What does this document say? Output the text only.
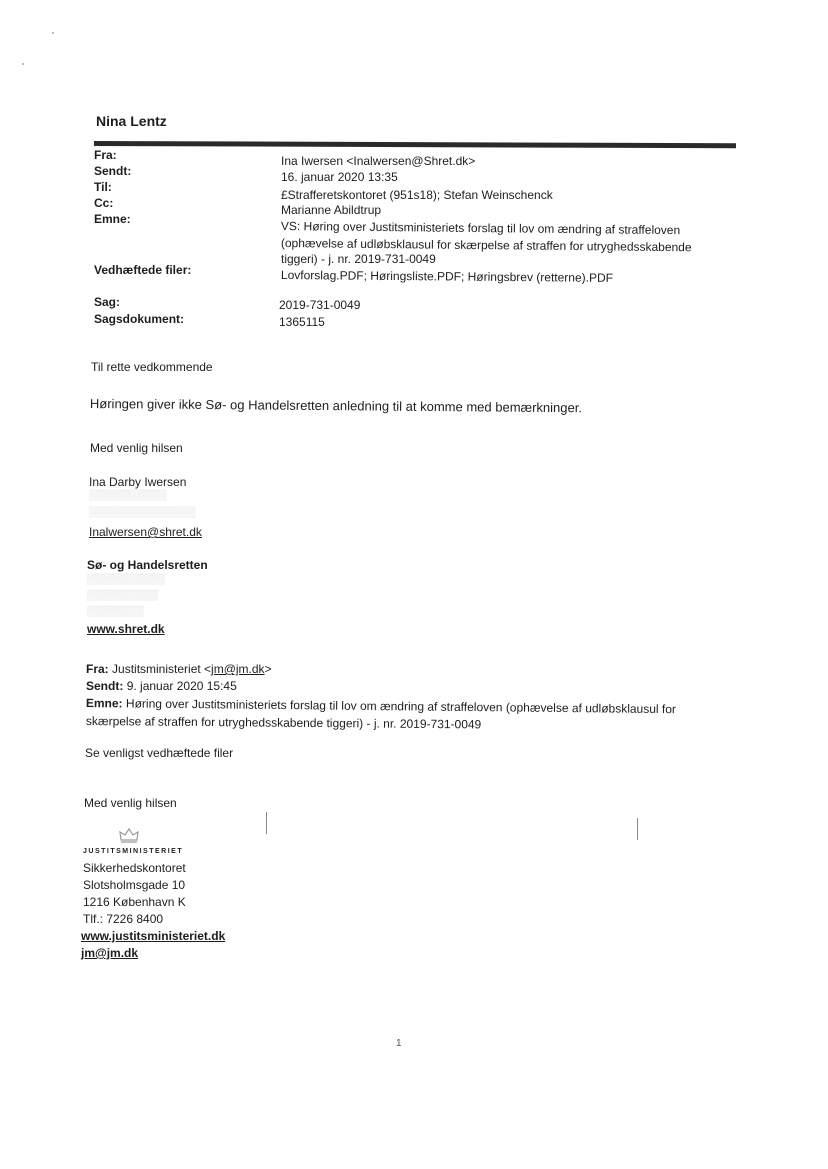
Nina Lentz
Fra:
Sendt:
Til:
Cc:
Emne:
Vedhæftede filer:
Sag:
Sagsdokument:
Ina Iwersen <Inalwersen@Shret.dk>
16. januar 2020 13:35
£Strafferetskontoret (951s18); Stefan Weinschenck
Marianne Abildtrup
VS: Høring over Justitsministeriets forslag til lov om ændring af straffeloven
(ophævelse af udløbsklausul for skærpelse af straffen for utryghedsskabende
tiggeri) - j. nr. 2019-731-0049
Lovforslag.PDF; Høringsliste.PDF; Høringsbrev (retterne).PDF
2019-731-0049
1365115
Til rette vedkommende
Høringen giver ikke Sø- og Handelsretten anledning til at komme med bemærkninger.
Med venlig hilsen
Ina Darby Iwersen
▒▒▒▒▒▒▒▒▒▒▒
▒▒▒▒▒▒▒▒▒▒▒▒▒▒▒
Inalwersen@shret.dk
Sø- og Handelsretten
▒▒▒▒▒▒▒▒▒▒▒
▒▒▒▒▒▒▒▒▒▒
▒▒▒▒▒▒▒▒
www.shret.dk
Fra: Justitsministeriet <jm@jm.dk>
Sendt: 9. januar 2020 15:45
Emne: Høring over Justitsministeriets forslag til lov om ændring af straffeloven (ophævelse af udløbsklausul for
skærpelse af straffen for utryghedsskabende tiggeri) - j. nr. 2019-731-0049
Se venligst vedhæftede filer
Med venlig hilsen
JUSTITSMINISTERIET
Sikkerhedskontoret
Slotsholmsgade 10
1216 København K
Tlf.: 7226 8400
www.justitsministeriet.dk
jm@jm.dk
1
